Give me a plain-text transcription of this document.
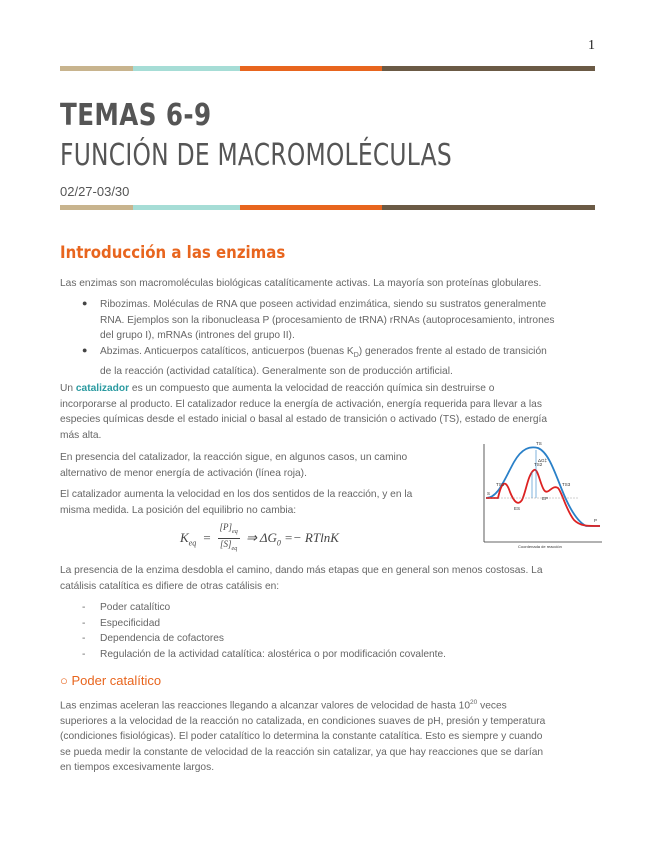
1
TEMAS 6-9
FUNCIÓN DE MACROMOLÉCULAS
02/27-03/30
Introducción a las enzimas
Las enzimas son macromoléculas biológicas catalíticamente activas. La mayoría son proteínas globulares.
● Ribozimas. Moléculas de RNA que poseen actividad enzimática, siendo su sustratos generalmente
RNA. Ejemplos son la ribonucleasa P (procesamiento de tRNA) rRNAs (autoprocesamiento, intrones
del grupo I), mRNAs (intrones del grupo II).
● Abzimas. Anticuerpos catalíticos, anticuerpos (buenas $K_D$) generados frente al estado de transición
de la reacción (actividad catalítica). Generalmente son de producción artificial.
Un catalizador es un compuesto que aumenta la velocidad de reacción química sin destruirse o
incorporarse al producto. El catalizador reduce la energía de activación, energía requerida para llevar a las
especies químicas desde el estado inicial o basal al estado de transición o activado (TS), estado de energía
más alta.
En presencia del catalizador, la reacción sigue, en algunos casos, un camino
alternativo de menor energía de activación (línea roja).
El catalizador aumenta la velocidad en los dos sentidos de la reacción, y en la
misma medida. La posición del equilibrio no cambia:
$K_{eq} = \frac{[P]_{eq}}{[S]_{eq}}$ ⇒ $\Delta G_0 =- RTlnK$
TS
TS1
TS2
TS3
ΔG‡
S
ES
EP
P
Coordenada de reacción
La presencia de la enzima desdobla el camino, dando más etapas que en general son menos costosas. La
catálisis catalítica es difiere de otras catálisis en:
-	Poder catalítico
-	Especificidad
-	Dependencia de cofactores
-	Regulación de la actividad catalítica: alostérica o por modificación covalente.
○ Poder catalítico
Las enzimas aceleran las reacciones llegando a alcanzar valores de velocidad de hasta $10^{20}$ veces
superiores a la velocidad de la reacción no catalizada, en condiciones suaves de pH, presión y temperatura
(condiciones fisiológicas). El poder catalítico lo determina la constante catalítica. Esto es siempre y cuando
se pueda medir la constante de velocidad de la reacción sin catalizar, ya que hay reacciones que se darían
en tiempos excesivamente largos.
